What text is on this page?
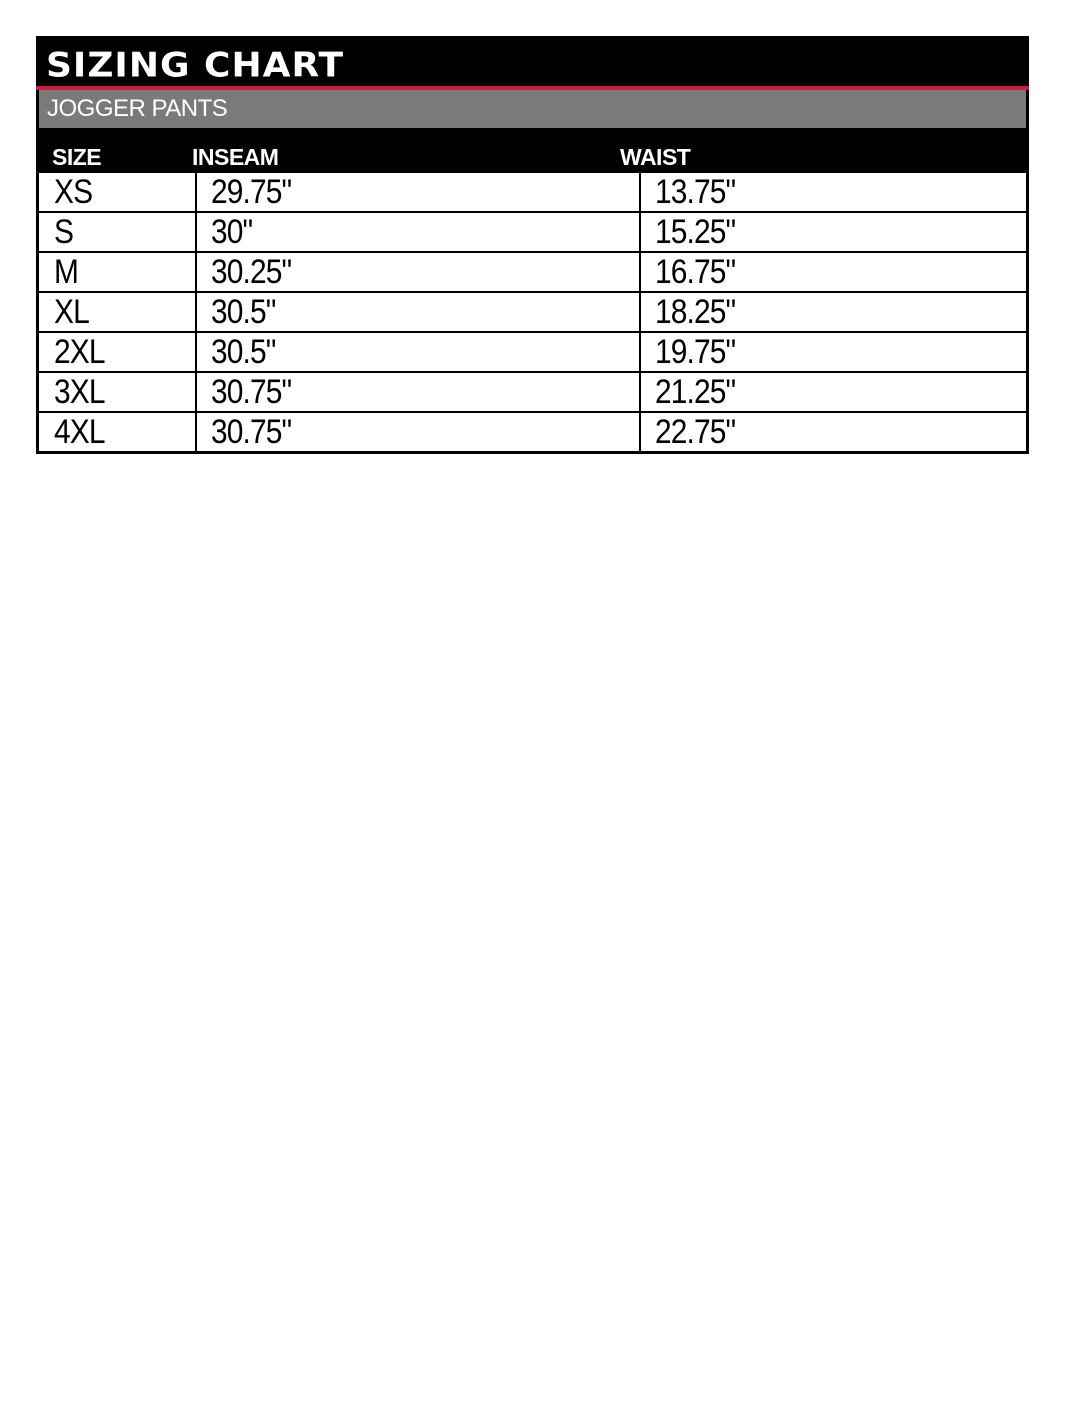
SIZING CHART
JOGGER PANTS
SIZE	INSEAM	WAIST
XS	29.75"	13.75"
S	30"	15.25"
M	30.25"	16.75"
XL	30.5"	18.25"
2XL	30.5"	19.75"
3XL	30.75"	21.25"
4XL	30.75"	22.75"
